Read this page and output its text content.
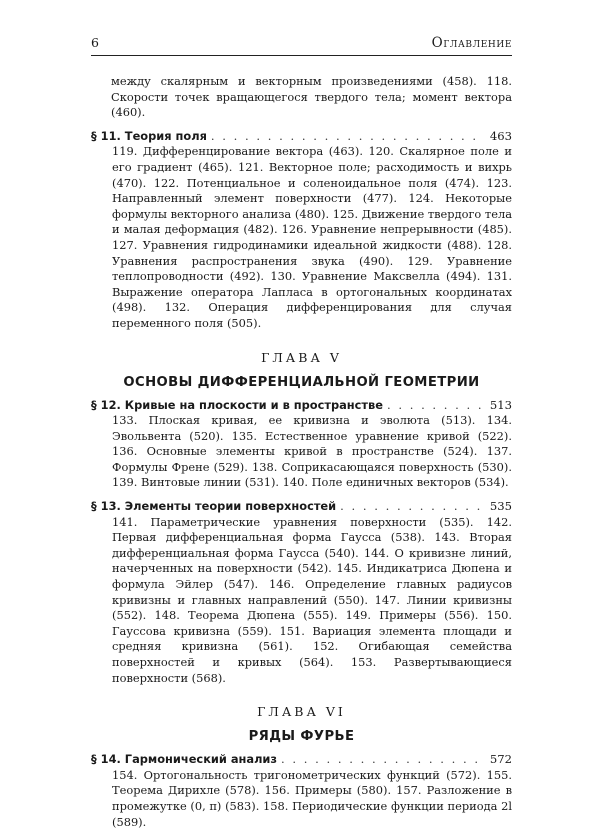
6	Оглавление

между скалярным и векторным произведениями (458). 118. Скорости точек вращающегося твердого тела; момент вектора (460).

§ 11. Теория поля . . .	463

119. Дифференцирование вектора (463). 120. Скалярное поле и его градиент (465). 121. Векторное поле; расходимость и вихрь (470). 122. Потенциальное и соленоидальное поля (474). 123. Направленный элемент поверхности (477). 124. Некоторые формулы векторного анализа (480). 125. Движение твердого тела и малая деформация (482). 126. Уравнение непрерывности (485). 127. Уравнения гидродинамики идеальной жидкости (488). 128. Уравнения распространения звука (490). 129. Уравнение теплопроводности (492). 130. Уравнение Максвелла (494). 131. Выражение оператора Лапласа в ортогональных координатах (498). 132. Операция дифференцирования для случая переменного поля (505).

ГЛАВА V
ОСНОВЫ ДИФФЕРЕНЦИАЛЬНОЙ ГЕОМЕТРИИ
§ 12. Кривые на плоскости и в пространстве . . .	513

133. Плоская кривая, ее кривизна и эволюта (513). 134. Эвольвента (520). 135. Естественное уравнение кривой (522). 136. Основные элементы кривой в пространстве (524). 137. Формулы Френе (529). 138. Соприкасающаяся поверхность (530). 139. Винтовые линии (531). 140. Поле единичных векторов (534).

§ 13. Элементы теории поверхностей . . .	535

141. Параметрические уравнения поверхности (535). 142. Первая дифференциальная форма Гаусса (538). 143. Вторая дифференциальная форма Гаусса (540). 144. О кривизне линий, начерченных на поверхности (542). 145. Индикатриса Дюпена и формула Эйлер (547). 146. Определение главных радиусов кривизны и главных направлений (550). 147. Линии кривизны (552). 148. Теорема Дюпена (555). 149. Примеры (556). 150. Гауссова кривизна (559). 151. Вариация элемента площади и средняя кривизна (561). 152. Огибающая семейства поверхностей и кривых (564). 153. Развертывающиеся поверхности (568).

ГЛАВА VI
РЯДЫ ФУРЬЕ
§ 14. Гармонический анализ . . .	572

154. Ортогональность тригонометрических функций (572). 155. Теорема Дирихле (578). 156. Примеры (580). 157. Разложение в промежутке (0, π) (583). 158. Периодические функции периода 2l (589).
